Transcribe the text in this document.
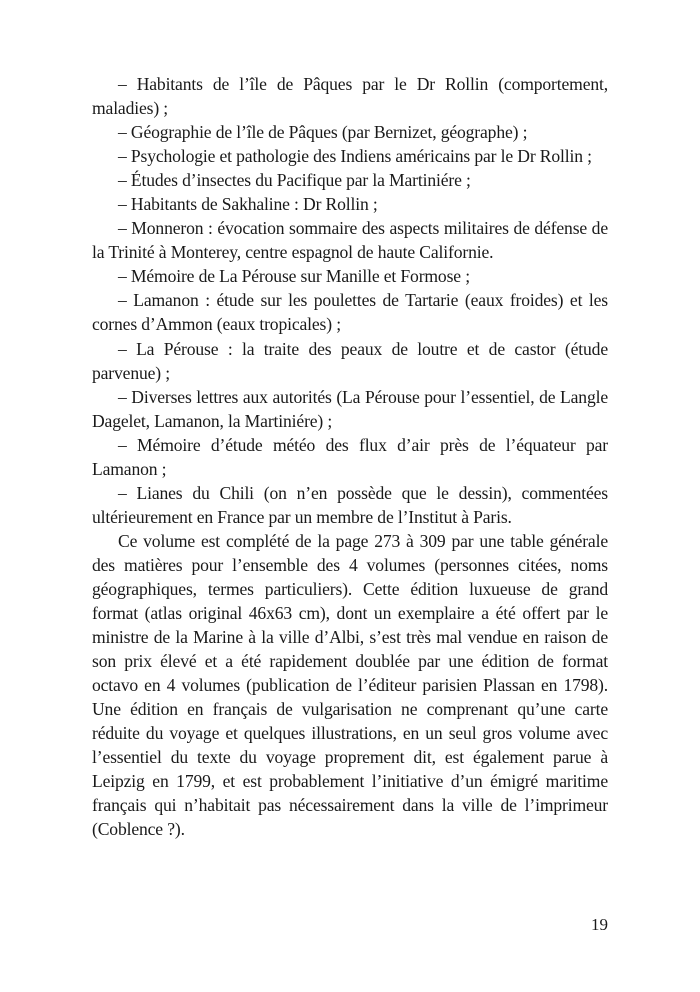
– Habitants de l’île de Pâques par le Dr Rollin (comportement, maladies) ;

– Géographie de l’île de Pâques (par Bernizet, géographe) ;

– Psychologie et pathologie des Indiens américains par le Dr Rollin ;

– Études d’insectes du Pacifique par la Martiniére ;

– Habitants de Sakhaline : Dr Rollin ;

– Monneron : évocation sommaire des aspects militaires de défense de la Trinité à Monterey, centre espagnol de haute Californie.

– Mémoire de La Pérouse sur Manille et Formose ;

– Lamanon : étude sur les poulettes de Tartarie (eaux froides) et les cornes d’Ammon (eaux tropicales) ;

– La Pérouse : la traite des peaux de loutre et de castor (étude parvenue) ;

– Diverses lettres aux autorités (La Pérouse pour l’essentiel, de Langle Dagelet, Lamanon, la Martiniére) ;

– Mémoire d’étude météo des flux d’air près de l’équateur par Lamanon ;

– Lianes du Chili (on n’en possède que le dessin), commentées ultérieurement en France par un membre de l’Institut à Paris.

Ce volume est complété de la page 273 à 309 par une table générale des matières pour l’ensemble des 4 volumes (personnes citées, noms géographiques, termes particuliers). Cette édition luxueuse de grand format (atlas original 46x63 cm), dont un exemplaire a été offert par le ministre de la Marine à la ville d’Albi, s’est très mal vendue en raison de son prix élevé et a été rapidement doublée par une édition de format octavo en 4 volumes (publication de l’éditeur parisien Plassan en 1798). Une édition en français de vulgarisation ne comprenant qu’une carte réduite du voyage et quelques illustrations, en un seul gros volume avec l’essentiel du texte du voyage proprement dit, est également parue à Leipzig en 1799, et est probablement l’initiative d’un émigré maritime français qui n’habitait pas nécessairement dans la ville de l’imprimeur (Coblence ?).

19
